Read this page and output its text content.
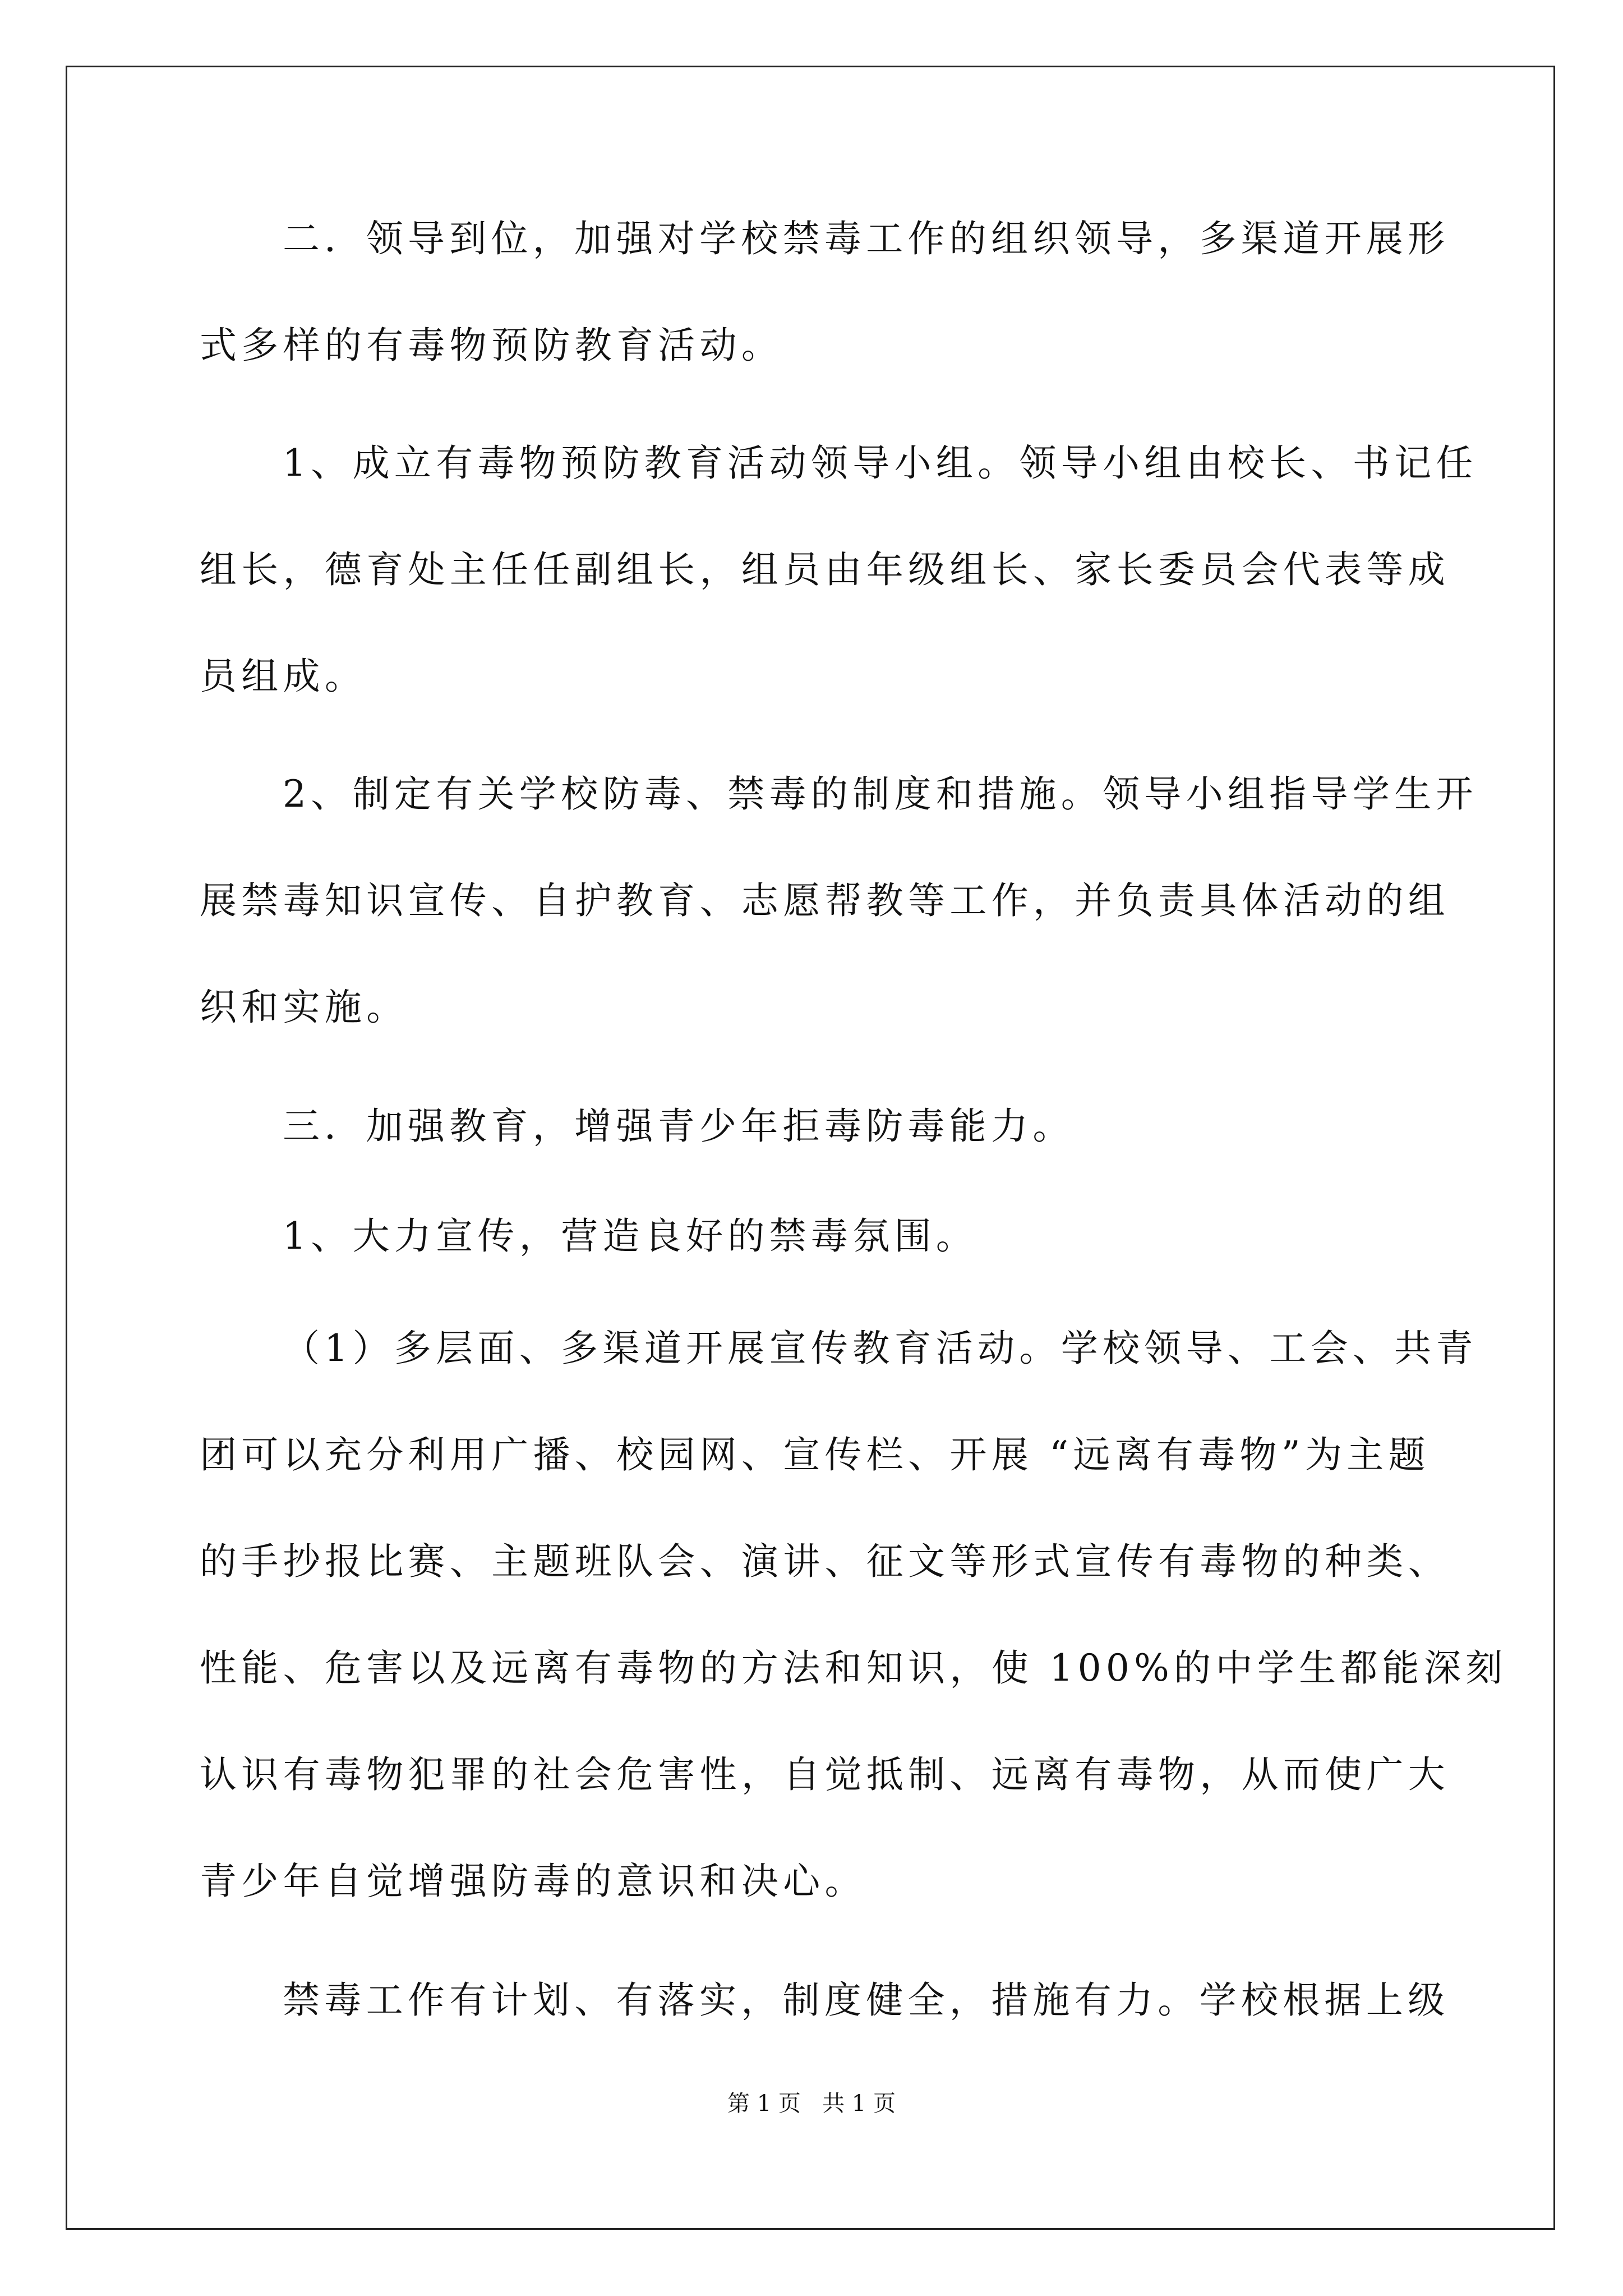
二．领导到位，加强对学校禁毒工作的组织领导，多渠道开展形
式多样的有毒物预防教育活动。
1、成立有毒物预防教育活动领导小组。领导小组由校长、书记任
组长，德育处主任任副组长，组员由年级组长、家长委员会代表等成
员组成。
2、制定有关学校防毒、禁毒的制度和措施。领导小组指导学生开
展禁毒知识宣传、自护教育、志愿帮教等工作，并负责具体活动的组
织和实施。
三．加强教育，增强青少年拒毒防毒能力。
1、大力宣传，营造良好的禁毒氛围。
（1）多层面、多渠道开展宣传教育活动。学校领导、工会、共青
团可以充分利用广播、校园网、宣传栏、开展 “远离有毒物”为主题
的手抄报比赛、主题班队会、演讲、征文等形式宣传有毒物的种类、
性能、危害以及远离有毒物的方法和知识，使 100%的中学生都能深刻
认识有毒物犯罪的社会危害性，自觉抵制、远离有毒物，从而使广大
青少年自觉增强防毒的意识和决心。
禁毒工作有计划、有落实，制度健全，措施有力。学校根据上级
第 1 页   共 1 页
